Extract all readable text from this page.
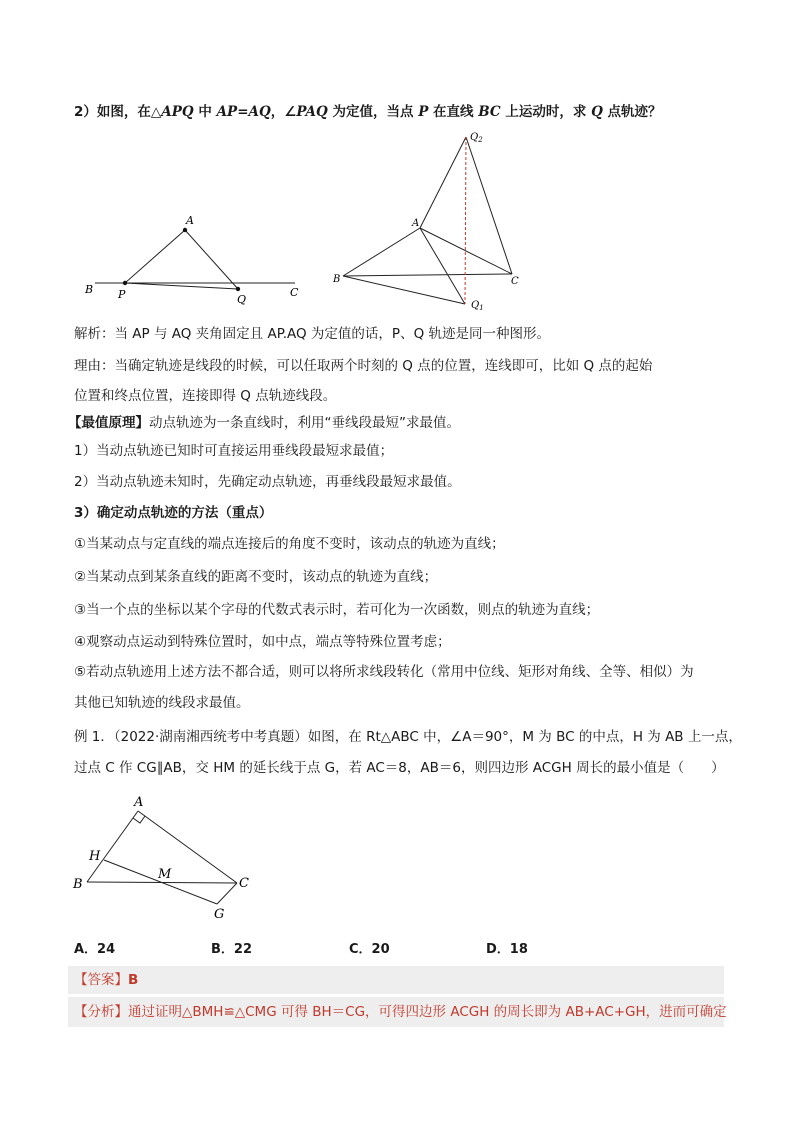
2）如图，在△APQ 中 AP=AQ，∠PAQ 为定值，当点 P 在直线 BC 上运动时，求 Q 点轨迹？
A
B P	Q
C
$Q_2$
A
B	C
$Q_1$
解析：当 AP 与 AQ 夹角固定且 AP.AQ 为定值的话，P、Q 轨迹是同一种图形。
理由：当确定轨迹是线段的时候，可以任取两个时刻的 Q 点的位置，连线即可，比如 Q 点的起始
位置和终点位置，连接即得 Q 点轨迹线段。
【最值原理】动点轨迹为一条直线时，利用“垂线段最短”求最值。
1）当动点轨迹已知时可直接运用垂线段最短求最值；
2）当动点轨迹未知时，先确定动点轨迹，再垂线段最短求最值。
3）确定动点轨迹的方法（重点）
①当某动点与定直线的端点连接后的角度不变时，该动点的轨迹为直线；
②当某动点到某条直线的距离不变时，该动点的轨迹为直线；
③当一个点的坐标以某个字母的代数式表示时，若可化为一次函数，则点的轨迹为直线；
④观察动点运动到特殊位置时，如中点，端点等特殊位置考虑；
⑤若动点轨迹用上述方法不都合适，则可以将所求线段转化（常用中位线、矩形对角线、全等、相似）为
其他已知轨迹的线段求最值。
例 1．（2022·湖南湘西统考中考真题）如图，在 Rt△ABC 中，∠A＝90°，M 为 BC 的中点，H 为 AB 上一点，
过点 C 作 CG∥AB，交 HM 的延长线于点 G，若 AC＝8，AB＝6，则四边形 ACGH 周长的最小值是（　　）
A
H
B
M
C
G
A．24	B．22	C．20	D．18
【答案】B
【分析】通过证明△BMH≌△CMG 可得 BH＝CG，可得四边形 ACGH 的周长即为 AB+AC+GH，进而可确定
